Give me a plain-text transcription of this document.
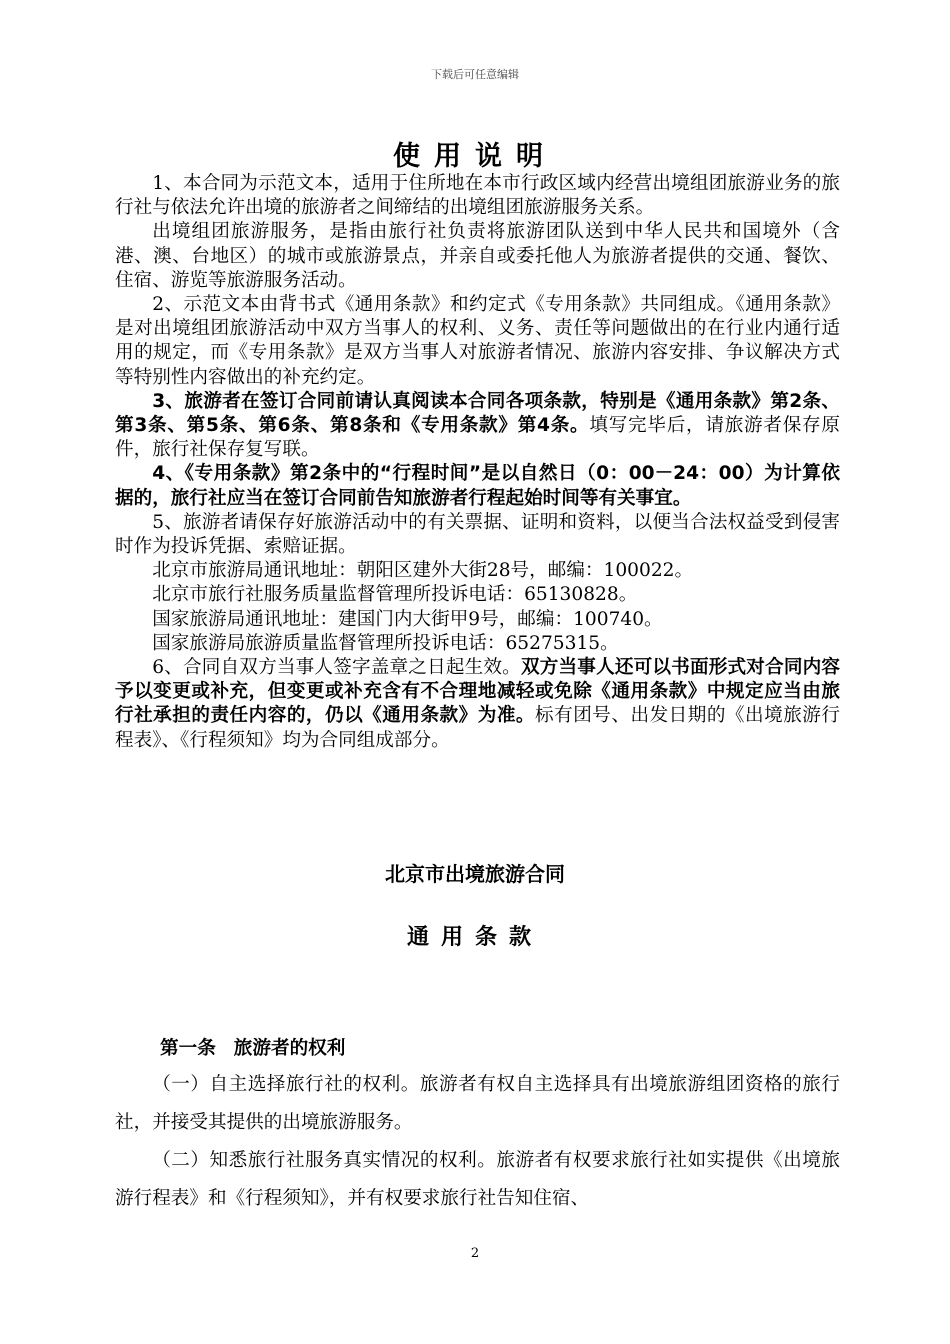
下载后可任意编辑
使用说明

1、本合同为示范文本，适用于住所地在本市行政区域内经营出境组团旅游业务的旅行社与依法允许出境的旅游者之间缔结的出境组团旅游服务关系。

出境组团旅游服务，是指由旅行社负责将旅游团队送到中华人民共和国境外（含港、澳、台地区）的城市或旅游景点，并亲自或委托他人为旅游者提供的交通、餐饮、住宿、游览等旅游服务活动。

2、示范文本由背书式《通用条款》和约定式《专用条款》共同组成。《通用条款》是对出境组团旅游活动中双方当事人的权利、义务、责任等问题做出的在行业内通行适用的规定，而《专用条款》是双方当事人对旅游者情况、旅游内容安排、争议解决方式等特别性内容做出的补充约定。

3、旅游者在签订合同前请认真阅读本合同各项条款，特别是《通用条款》第2条、第3条、第5条、第6条、第8条和《专用条款》第4条。填写完毕后，请旅游者保存原件，旅行社保存复写联。

4、《专用条款》第2条中的“行程时间”是以自然日（0：00－24：00）为计算依据的，旅行社应当在签订合同前告知旅游者行程起始时间等有关事宜。

5、旅游者请保存好旅游活动中的有关票据、证明和资料，以便当合法权益受到侵害时作为投诉凭据、索赔证据。

北京市旅游局通讯地址：朝阳区建外大街28号，邮编：100022。

北京市旅行社服务质量监督管理所投诉电话：65130828。

国家旅游局通讯地址：建国门内大街甲9号，邮编：100740。

国家旅游局旅游质量监督管理所投诉电话：65275315。

6、合同自双方当事人签字盖章之日起生效。双方当事人还可以书面形式对合同内容予以变更或补充，但变更或补充含有不合理地减轻或免除《通用条款》中规定应当由旅行社承担的责任内容的，仍以《通用条款》为准。标有团号、出发日期的《出境旅游行程表》、《行程须知》均为合同组成部分。

北京市出境旅游合同
通用条款
第一条 旅游者的权利

（一）自主选择旅行社的权利。旅游者有权自主选择具有出境旅游组团资格的旅行社，并接受其提供的出境旅游服务。

（二）知悉旅行社服务真实情况的权利。旅游者有权要求旅行社如实提供《出境旅游行程表》和《行程须知》，并有权要求旅行社告知住宿、

2
